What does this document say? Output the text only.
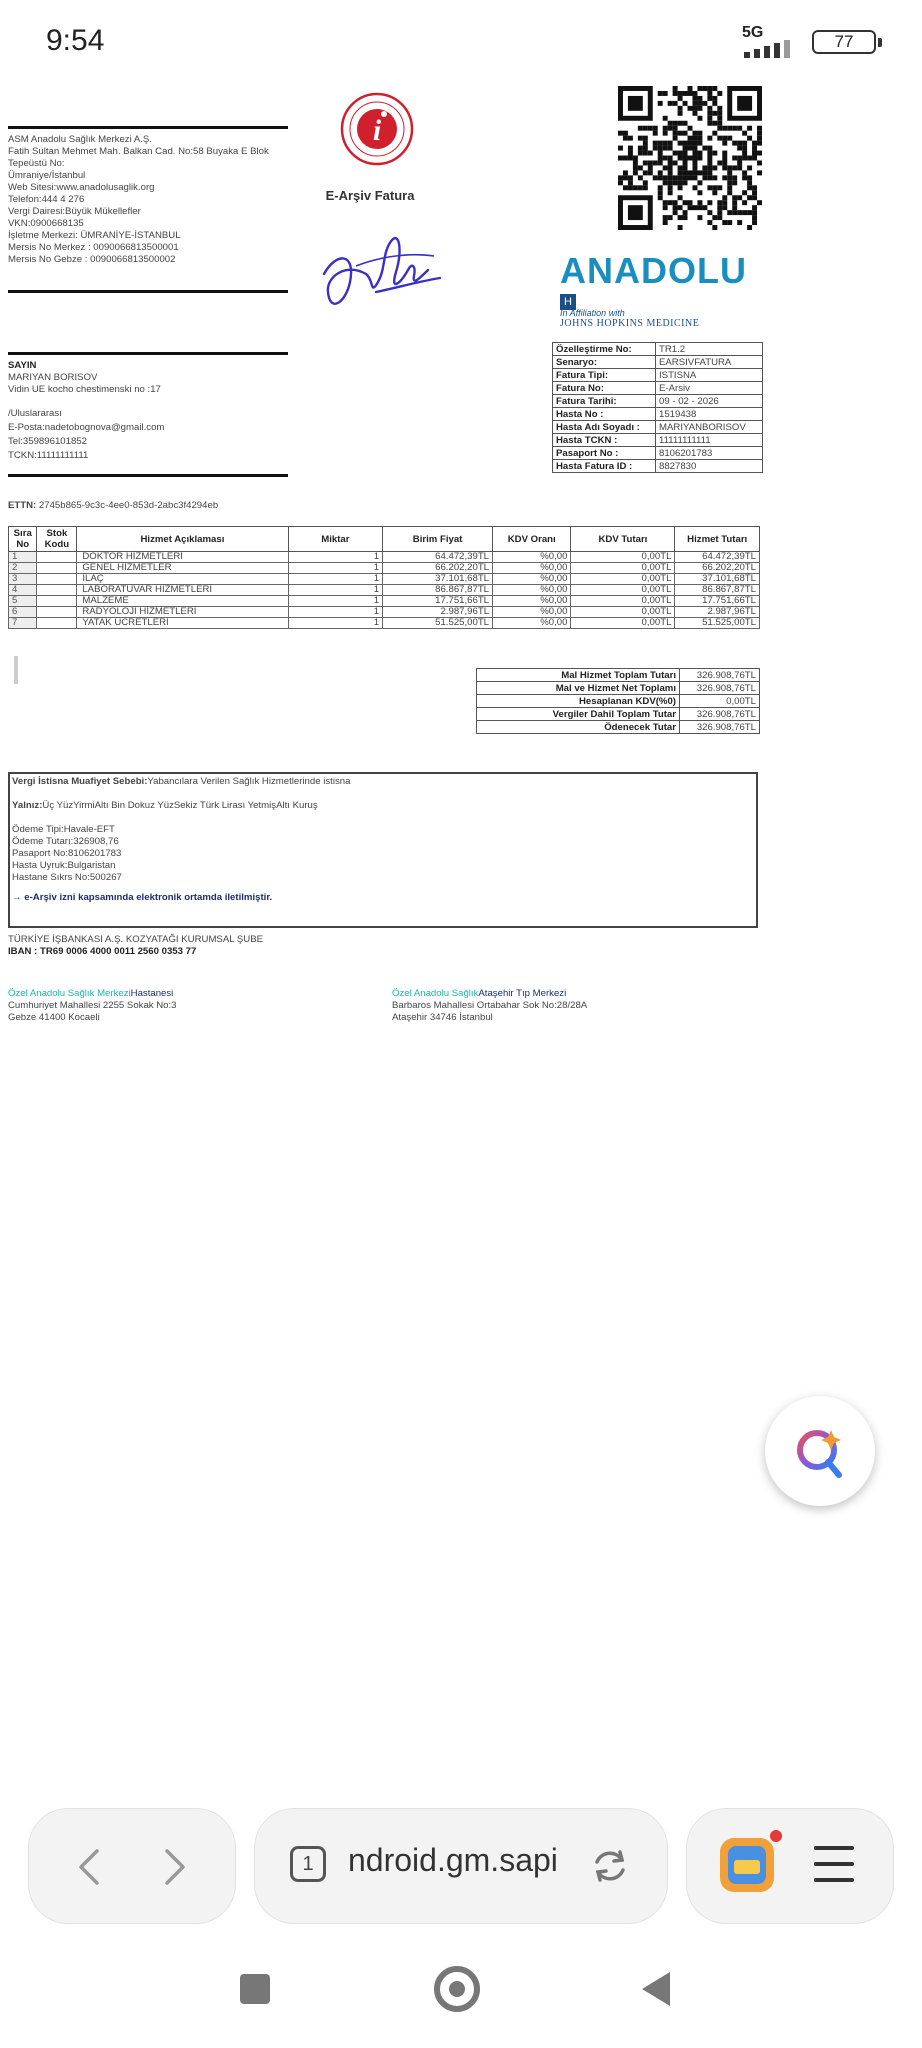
9:54	5G	77
ASM Anadolu Sağlık Merkezi A.Ş.
Fatih Sultan Mehmet Mah. Balkan Cad. No:58 Buyaka E Blok
Tepeüstü No:
Ümraniye/İstanbul
Web Sitesi:www.anadolusaglik.org
Telefon:444 4 276
Vergi Dairesi:Büyük Mükellefler
VKN:0900668135
İşletme Merkezi: ÜMRANİYE-İSTANBUL
Mersis No Merkez : 0090066813500001
Mersis No Gebze : 0090066813500002
i
E-Arşiv Fatura
ANADOLUH
In Affiliation with
JOHNS HOPKINS MEDICINE
SAYIN
MARIYAN BORISOV
Vidin UE kocho chestimenski no :17
/Uluslararası
E-Posta:nadetobognova@gmail.com
Tel:359896101852
TCKN:11111111111
Özelleştirme No:	TR1.2
Senaryo:	EARSIVFATURA
Fatura Tipi:	ISTISNA
Fatura No:	E-Arsiv
Fatura Tarihi:	09 - 02 - 2026
Hasta No :	1519438
Hasta Adı Soyadı :	MARIYANBORISOV
Hasta TCKN :	11111111111
Pasaport No :	8106201783
Hasta Fatura ID :	8827830
ETTN: 2745b865-9c3c-4ee0-853d-2abc3f4294eb
Sıra No	Stok Kodu	Hizmet Açıklaması	Miktar	Birim Fiyat	KDV Oranı	KDV Tutarı	Hizmet Tutarı
1		DOKTOR HİZMETLERİ	1	64.472,39TL	%0,00	0,00TL	64.472,39TL
2		GENEL HİZMETLER	1	66.202,20TL	%0,00	0,00TL	66.202,20TL
3		İLAÇ	1	37.101,68TL	%0,00	0,00TL	37.101,68TL
4		LABORATUVAR HİZMETLERİ	1	86.867,87TL	%0,00	0,00TL	86.867,87TL
5		MALZEME	1	17.751,66TL	%0,00	0,00TL	17.751,66TL
6		RADYOLOJİ HİZMETLERİ	1	2.987,96TL	%0,00	0,00TL	2.987,96TL
7		YATAK ÜCRETLERİ	1	51.525,00TL	%0,00	0,00TL	51.525,00TL
Mal Hizmet Toplam Tutarı	326.908,76TL
Mal ve Hizmet Net Toplamı	326.908,76TL
Hesaplanan KDV(%0)	0,00TL
Vergiler Dahil Toplam Tutar	326.908,76TL
Ödenecek Tutar	326.908,76TL

Vergi İstisna Muafiyet Sebebi:Yabancılara Verilen Sağlık Hizmetlerinde istisna

Yalnız:Üç YüzYirmiAltı Bin Dokuz YüzSekiz Türk Lirası YetmişAltı Kuruş

Ödeme Tipi:Havale-EFT
Ödeme Tutarı:326908,76
Pasaport No:8106201783
Hasta Uyruk:Bulgaristan
Hastane Sıkrs No:500267

→ e-Arşiv izni kapsamında elektronik ortamda iletilmiştir.

TÜRKİYE İŞBANKASI A.Ş. KOZYATAĞI KURUMSAL ŞUBE
IBAN : TR69 0006 4000 0011 2560 0353 77
Özel Anadolu Sağlık MerkeziHastanesi
Cumhuriyet Mahallesi 2255 Sokak No:3
Gebze 41400 Kocaeli
Özel Anadolu SağlıkAtaşehir Tıp Merkezi
Barbaros Mahallesi Ortabahar Sok No:28/28A
Ataşehir 34746 İstanbul
1	ndroid.gm.sapi
